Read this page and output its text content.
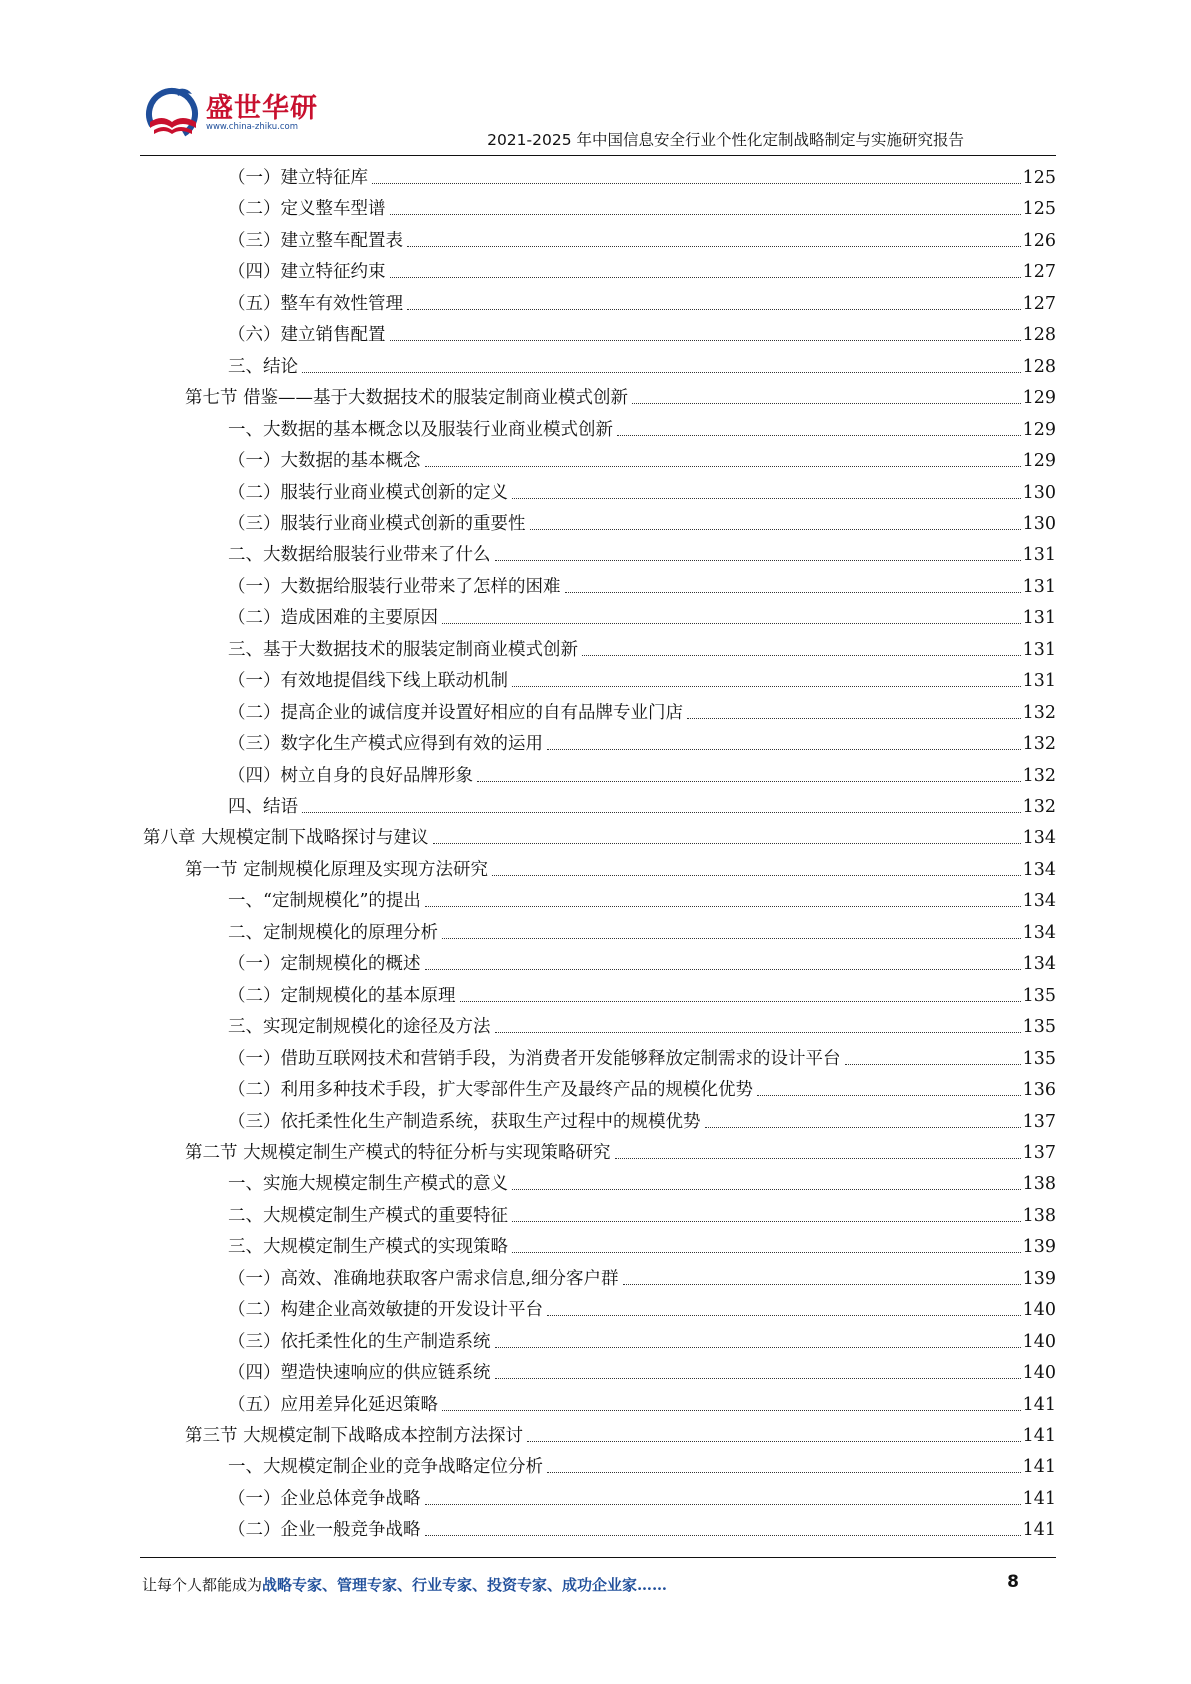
盛世华研
www.china-zhiku.com
2021-2025 年中国信息安全行业个性化定制战略制定与实施研究报告
（一）建立特征库	125
（二）定义整车型谱	125
（三）建立整车配置表	126
（四）建立特征约束	127
（五）整车有效性管理	127
（六）建立销售配置	128
三、结论	128
第七节 借鉴——基于大数据技术的服装定制商业模式创新	129
一、大数据的基本概念以及服装行业商业模式创新	129
（一）大数据的基本概念	129
（二）服装行业商业模式创新的定义	130
（三）服装行业商业模式创新的重要性	130
二、大数据给服装行业带来了什么	131
（一）大数据给服装行业带来了怎样的困难	131
（二）造成困难的主要原因	131
三、基于大数据技术的服装定制商业模式创新	131
（一）有效地提倡线下线上联动机制	131
（二）提高企业的诚信度并设置好相应的自有品牌专业门店	132
（三）数字化生产模式应得到有效的运用	132
（四）树立自身的良好品牌形象	132
四、结语	132
第八章 大规模定制下战略探讨与建议	134
第一节 定制规模化原理及实现方法研究	134
一、“定制规模化”的提出	134
二、定制规模化的原理分析	134
（一）定制规模化的概述	134
（二）定制规模化的基本原理	135
三、实现定制规模化的途径及方法	135
（一）借助互联网技术和营销手段，为消费者开发能够释放定制需求的设计平台	135
（二）利用多种技术手段，扩大零部件生产及最终产品的规模化优势	136
（三）依托柔性化生产制造系统，获取生产过程中的规模优势	137
第二节 大规模定制生产模式的特征分析与实现策略研究	137
一、实施大规模定制生产模式的意义	138
二、大规模定制生产模式的重要特征	138
三、大规模定制生产模式的实现策略	139
（一）高效、准确地获取客户需求信息,细分客户群	139
（二）构建企业高效敏捷的开发设计平台	140
（三）依托柔性化的生产制造系统	140
（四）塑造快速响应的供应链系统	140
（五）应用差异化延迟策略	141
第三节 大规模定制下战略成本控制方法探讨	141
一、大规模定制企业的竞争战略定位分析	141
（一）企业总体竞争战略	141
（二）企业一般竞争战略	141
让每个人都能成为战略专家、管理专家、行业专家、投资专家、成功企业家……	8
